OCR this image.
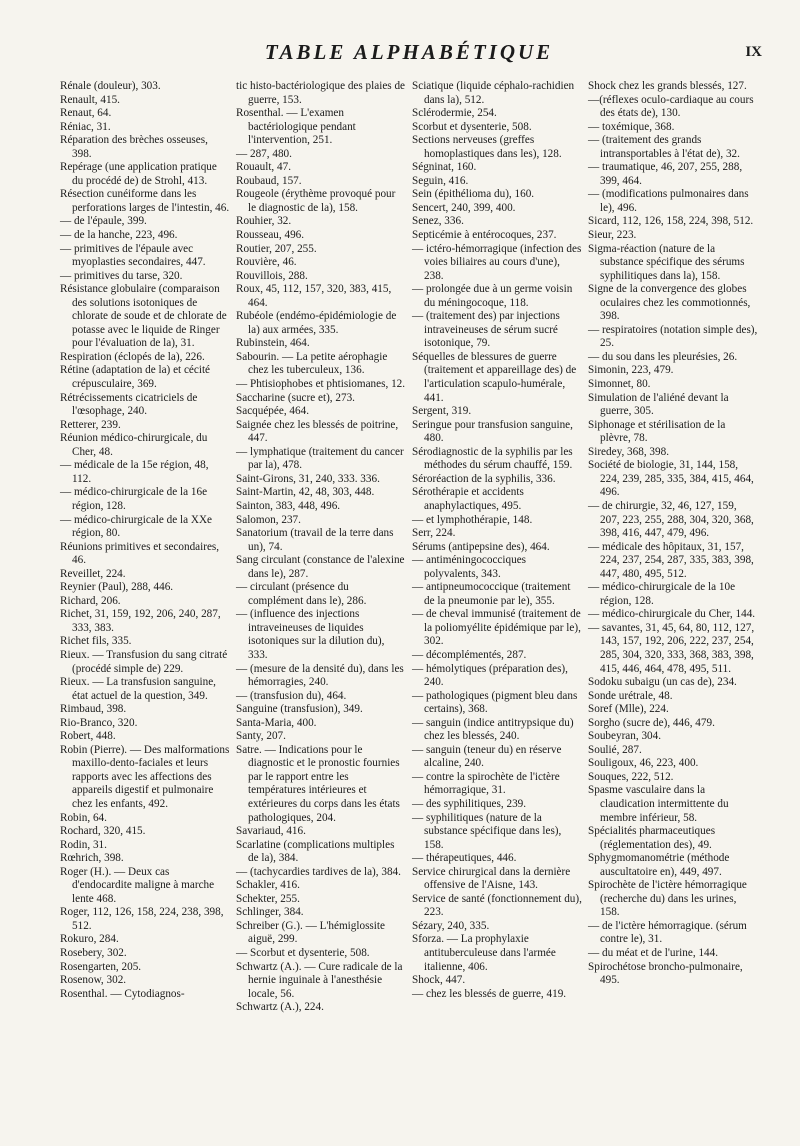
TABLE ALPHABÉTIQUE	IX

Rénale (douleur), 303.

Renault, 415.

Renaut, 64.

Réniac, 31.

Réparation des brèches osseuses, 398.

Repérage (une application pratique du procédé de) de Strohl, 413.

Résection cunéiforme dans les perforations larges de l'intestin, 46.

— de l'épaule, 399.

— de la hanche, 223, 496.

— primitives de l'épaule avec myoplasties secondaires, 447.

— primitives du tarse, 320.

Résistance globulaire (comparaison des solutions isotoniques de chlorate de soude et de chlorate de potasse avec le liquide de Ringer pour l'évaluation de la), 31.

Respiration (éclopés de la), 226.

Rétine (adaptation de la) et cécité crépusculaire, 369.

Rétrécissements cicatriciels de l'œsophage, 240.

Retterer, 239.

Réunion médico-chirurgicale, du Cher, 48.

— médicale de la 15e région, 48, 112.

— médico-chirurgicale de la 16e région, 128.

— médico-chirurgicale de la XXe région, 80.

Réunions primitives et secondaires, 46.

Reveillet, 224.

Reynier (Paul), 288, 446.

Richard, 206.

Richet, 31, 159, 192, 206, 240, 287, 333, 383.

Richet fils, 335.

Rieux. — Transfusion du sang citraté (procédé simple de) 229.

Rieux. — La transfusion sanguine, état actuel de la question, 349.

Rimbaud, 398.

Rio-Branco, 320.

Robert, 448.

Robin (Pierre). — Des malformations maxillo-dento-faciales et leurs rapports avec les affections des appareils digestif et pulmonaire chez les enfants, 492.

Robin, 64.

Rochard, 320, 415.

Rodin, 31.

Rœhrich, 398.

Roger (H.). — Deux cas d'endocardite maligne à marche lente 468.

Roger, 112, 126, 158, 224, 238, 398, 512.

Rokuro, 284.

Rosebery, 302.

Rosengarten, 205.

Rosenow, 302.

Rosenthal. — Cytodiagnos-

tic histo-bactériologique des plaies de guerre, 153.

Rosenthal. — L'examen bactériologique pendant l'intervention, 251.

— 287, 480.

Rouault, 47.

Roubaud, 157.

Rougeole (érythème provoqué pour le diagnostic de la), 158.

Rouhier, 32.

Rousseau, 496.

Routier, 207, 255.

Rouvière, 46.

Rouvillois, 288.

Roux, 45, 112, 157, 320, 383, 415, 464.

Rubéole (endémo-épidémiologie de la) aux armées, 335.

Rubinstein, 464.

Sabourin. — La petite aérophagie chez les tuberculeux, 136.

— Phtisiophobes et phtisiomanes, 12.

Saccharine (sucre et), 273.

Sacquépée, 464.

Saignée chez les blessés de poitrine, 447.

— lymphatique (traitement du cancer par la), 478.

Saint-Girons, 31, 240, 333. 336.

Saint-Martin, 42, 48, 303, 448.

Sainton, 383, 448, 496.

Salomon, 237.

Sanatorium (travail de la terre dans un), 74.

Sang circulant (constance de l'alexine dans le), 287.

— circulant (présence du complément dans le), 286.

— (influence des injections intraveineuses de liquides isotoniques sur la dilution du), 333.

— (mesure de la densité du), dans les hémorragies, 240.

— (transfusion du), 464.

Sanguine (transfusion), 349.

Santa-Maria, 400.

Santy, 207.

Satre. — Indications pour le diagnostic et le pronostic fournies par le rapport entre les températures intérieures et extérieures du corps dans les états pathologiques, 204.

Savariaud, 416.

Scarlatine (complications multiples de la), 384.

— (tachycardies tardives de la), 384.

Schakler, 416.

Schekter, 255.

Schlinger, 384.

Schreiber (G.). — L'hémiglossite aiguë, 299.

— Scorbut et dysenterie, 508.

Schwartz (A.). — Cure radicale de la hernie inguinale à l'anesthésie locale, 56.

Schwartz (A.), 224.

Sciatique (liquide céphalo-rachidien dans la), 512.

Sclérodermie, 254.

Scorbut et dysenterie, 508.

Sections nerveuses (greffes homoplastiques dans les), 128.

Ségninat, 160.

Seguin, 416.

Sein (épithélioma du), 160.

Sencert, 240, 399, 400.

Senez, 336.

Septicémie à entérocoques, 237.

— ictéro-hémorragique (infection des voies biliaires au cours d'une), 238.

— prolongée due à un germe voisin du méningocoque, 118.

— (traitement des) par injections intraveineuses de sérum sucré isotonique, 79.

Séquelles de blessures de guerre (traitement et appareillage des) de l'articulation scapulo-humérale, 441.

Sergent, 319.

Seringue pour transfusion sanguine, 480.

Sérodiagnostic de la syphilis par les méthodes du sérum chauffé, 159.

Séroréaction de la syphilis, 336.

Sérothérapie et accidents anaphylactiques, 495.

— et lymphothérapie, 148.

Serr, 224.

Sérums (antipepsine des), 464.

— antiméningococciques polyvalents, 343.

— antipneumococcique (traitement de la pneumonie par le), 355.

— de cheval immunisé (traitement de la poliomyélite épidémique par le), 302.

— décomplémentés, 287.

— hémolytiques (préparation des), 240.

— pathologiques (pigment bleu dans certains), 368.

— sanguin (indice antitrypsique du) chez les blessés, 240.

— sanguin (teneur du) en réserve alcaline, 240.

— contre la spirochète de l'ictère hémorragique, 31.

— des syphilitiques, 239.

— syphilitiques (nature de la substance spécifique dans les), 158.

— thérapeutiques, 446.

Service chirurgical dans la dernière offensive de l'Aisne, 143.

Service de santé (fonctionnement du), 223.

Sézary, 240, 335.

Sforza. — La prophylaxie antituberculeuse dans l'armée italienne, 406.

Shock, 447.

— chez les blessés de guerre, 419.

Shock chez les grands blessés, 127.

—(réflexes oculo-cardiaque au cours des états de), 130.

— toxémique, 368.

— (traitement des grands intransportables à l'état de), 32.

— traumatique, 46, 207, 255, 288, 399, 464.

— (modifications pulmonaires dans le), 496.

Sicard, 112, 126, 158, 224, 398, 512.

Sieur, 223.

Sigma-réaction (nature de la substance spécifique des sérums syphilitiques dans la), 158.

Signe de la convergence des globes oculaires chez les commotionnés, 398.

— respiratoires (notation simple des), 25.

— du sou dans les pleurésies, 26.

Simonin, 223, 479.

Simonnet, 80.

Simulation de l'aliéné devant la guerre, 305.

Siphonage et stérilisation de la plèvre, 78.

Siredey, 368, 398.

Société de biologie, 31, 144, 158, 224, 239, 285, 335, 384, 415, 464, 496.

— de chirurgie, 32, 46, 127, 159, 207, 223, 255, 288, 304, 320, 368, 398, 416, 447, 479, 496.

— médicale des hôpitaux, 31, 157, 224, 237, 254, 287, 335, 383, 398, 447, 480, 495, 512.

— médico-chirurgicale de la 10e région, 128.

— médico-chirurgicale du Cher, 144.

— savantes, 31, 45, 64, 80, 112, 127, 143, 157, 192, 206, 222, 237, 254, 285, 304, 320, 333, 368, 383, 398, 415, 446, 464, 478, 495, 511.

Sodoku subaigu (un cas de), 234.

Sonde urétrale, 48.

Soref (Mlle), 224.

Sorgho (sucre de), 446, 479.

Soubeyran, 304.

Soulié, 287.

Souligoux, 46, 223, 400.

Souques, 222, 512.

Spasme vasculaire dans la claudication intermittente du membre inférieur, 58.

Spécialités pharmaceutiques (réglementation des), 49.

Sphygmomanométrie (méthode auscultatoire en), 449, 497.

Spirochète de l'ictère hémorragique (recherche du) dans les urines, 158.

— de l'ictère hémorragique. (sérum contre le), 31.

— du méat et de l'urine, 144.

Spirochétose broncho-pulmonaire, 495.
